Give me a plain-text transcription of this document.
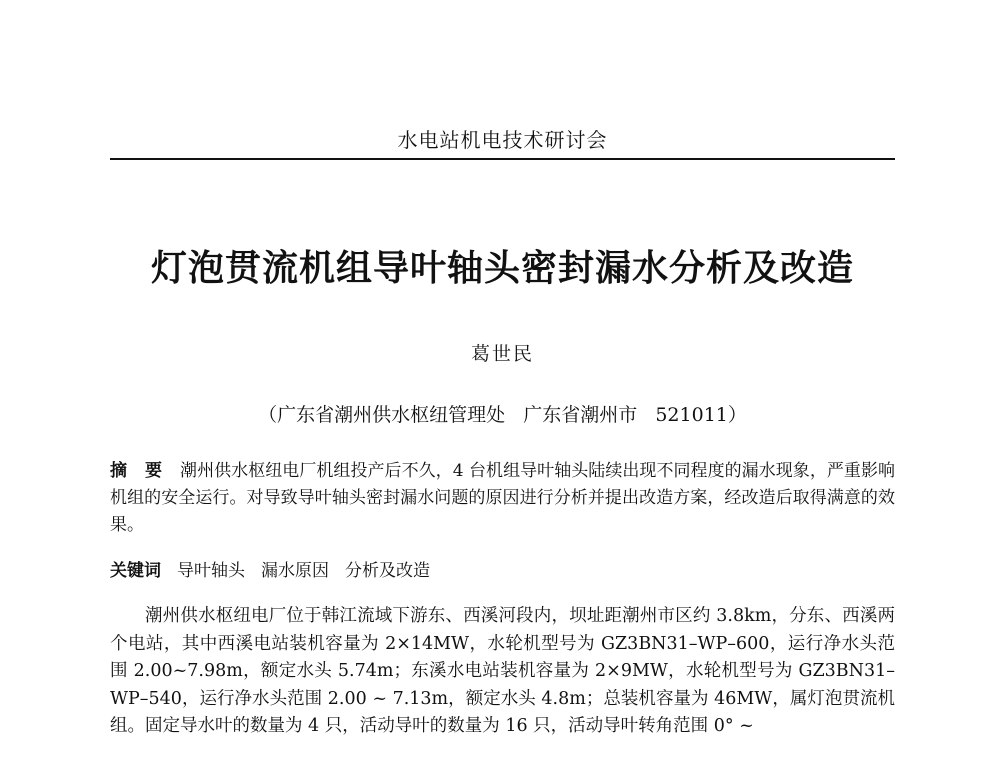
水电站机电技术研讨会
灯泡贯流机组导叶轴头密封漏水分析及改造
葛世民
（广东省潮州供水枢纽管理处   广东省潮州市   521011）
摘 要 潮州供水枢纽电厂机组投产后不久，4 台机组导叶轴头陆续出现不同程度的漏水现象，严重影响机组的安全运行。对导致导叶轴头密封漏水问题的原因进行分析并提出改造方案，经改造后取得满意的效果。
关键词 导叶轴头 漏水原因 分析及改造
潮州供水枢纽电厂位于韩江流域下游东、西溪河段内，坝址距潮州市区约 3.8km，分东、西溪两个电站，其中西溪电站装机容量为 2×14MW，水轮机型号为 GZ3BN31–WP–600，运行净水头范围 2.00~7.98m，额定水头 5.74m；东溪水电站装机容量为 2×9MW，水轮机型号为 GZ3BN31–WP–540，运行净水头范围 2.00 ~ 7.13m，额定水头 4.8m；总装机容量为 46MW，属灯泡贯流机组。固定导水叶的数量为 4 只，活动导叶的数量为 16 只，活动导叶转角范围 0° ~
